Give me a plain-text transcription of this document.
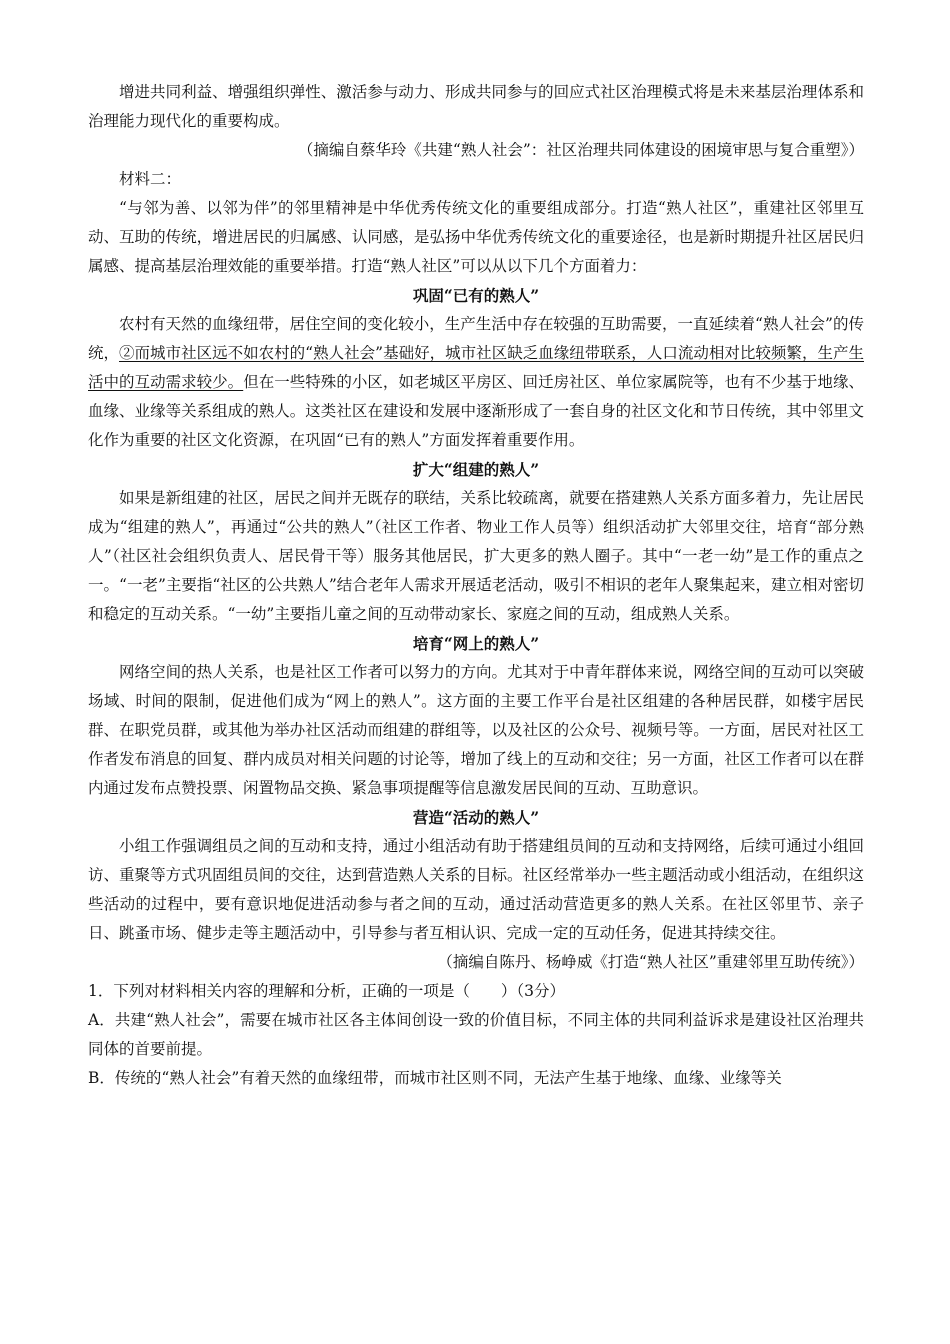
增进共同利益、增强组织弹性、激活参与动力、形成共同参与的回应式社区治理模式将是未来基层治理体系和治理能力现代化的重要构成。

（摘编自蔡华玲《共建“熟人社会”：社区治理共同体建设的困境审思与复合重塑》）

材料二：

“与邻为善、以邻为伴”的邻里精神是中华优秀传统文化的重要组成部分。打造“熟人社区”，重建社区邻里互动、互助的传统，增进居民的归属感、认同感，是弘扬中华优秀传统文化的重要途径，也是新时期提升社区居民归属感、提高基层治理效能的重要举措。打造“熟人社区”可以从以下几个方面着力：

巩固“已有的熟人”

农村有天然的血缘纽带，居住空间的变化较小，生产生活中存在较强的互助需要，一直延续着“熟人社会”的传统，②而城市社区远不如农村的“熟人社会”基础好，城市社区缺乏血缘纽带联系，人口流动相对比较频繁，生产生活中的互动需求较少。但在一些特殊的小区，如老城区平房区、回迁房社区、单位家属院等，也有不少基于地缘、血缘、业缘等关系组成的熟人。这类社区在建设和发展中逐渐形成了一套自身的社区文化和节日传统，其中邻里文化作为重要的社区文化资源，在巩固“已有的熟人”方面发挥着重要作用。

扩大“组建的熟人”

如果是新组建的社区，居民之间并无既存的联结，关系比较疏离，就要在搭建熟人关系方面多着力，先让居民成为“组建的熟人”，再通过“公共的熟人”（社区工作者、物业工作人员等）组织活动扩大邻里交往，培育“部分熟人”（社区社会组织负责人、居民骨干等）服务其他居民，扩大更多的熟人圈子。其中“一老一幼”是工作的重点之一。“一老”主要指“社区的公共熟人”结合老年人需求开展适老活动，吸引不相识的老年人聚集起来，建立相对密切和稳定的互动关系。“一幼”主要指儿童之间的互动带动家长、家庭之间的互动，组成熟人关系。

培育“网上的熟人”

网络空间的热人关系，也是社区工作者可以努力的方向。尤其对于中青年群体来说，网络空间的互动可以突破场域、时间的限制，促进他们成为“网上的熟人”。这方面的主要工作平台是社区组建的各种居民群，如楼宇居民群、在职党员群，或其他为举办社区活动而组建的群组等，以及社区的公众号、视频号等。一方面，居民对社区工作者发布消息的回复、群内成员对相关问题的讨论等，增加了线上的互动和交往；另一方面，社区工作者可以在群内通过发布点赞投票、闲置物品交换、紧急事项提醒等信息激发居民间的互动、互助意识。

营造“活动的熟人”

小组工作强调组员之间的互动和支持，通过小组活动有助于搭建组员间的互动和支持网络，后续可通过小组回访、重聚等方式巩固组员间的交往，达到营造熟人关系的目标。社区经常举办一些主题活动或小组活动，在组织这些活动的过程中，要有意识地促进活动参与者之间的互动，通过活动营造更多的熟人关系。在社区邻里节、亲子日、跳蚤市场、健步走等主题活动中，引导参与者互相认识、完成一定的互动任务，促进其持续交往。

（摘编自陈丹、杨峥威《打造“熟人社区”重建邻里互助传统》）

1．下列对材料相关内容的理解和分析，正确的一项是（　　）（3分）

A．共建“熟人社会”，需要在城市社区各主体间创设一致的价值目标，不同主体的共同利益诉求是建设社区治理共同体的首要前提。

B．传统的“熟人社会”有着天然的血缘纽带，而城市社区则不同，无法产生基于地缘、血缘、业缘等关
